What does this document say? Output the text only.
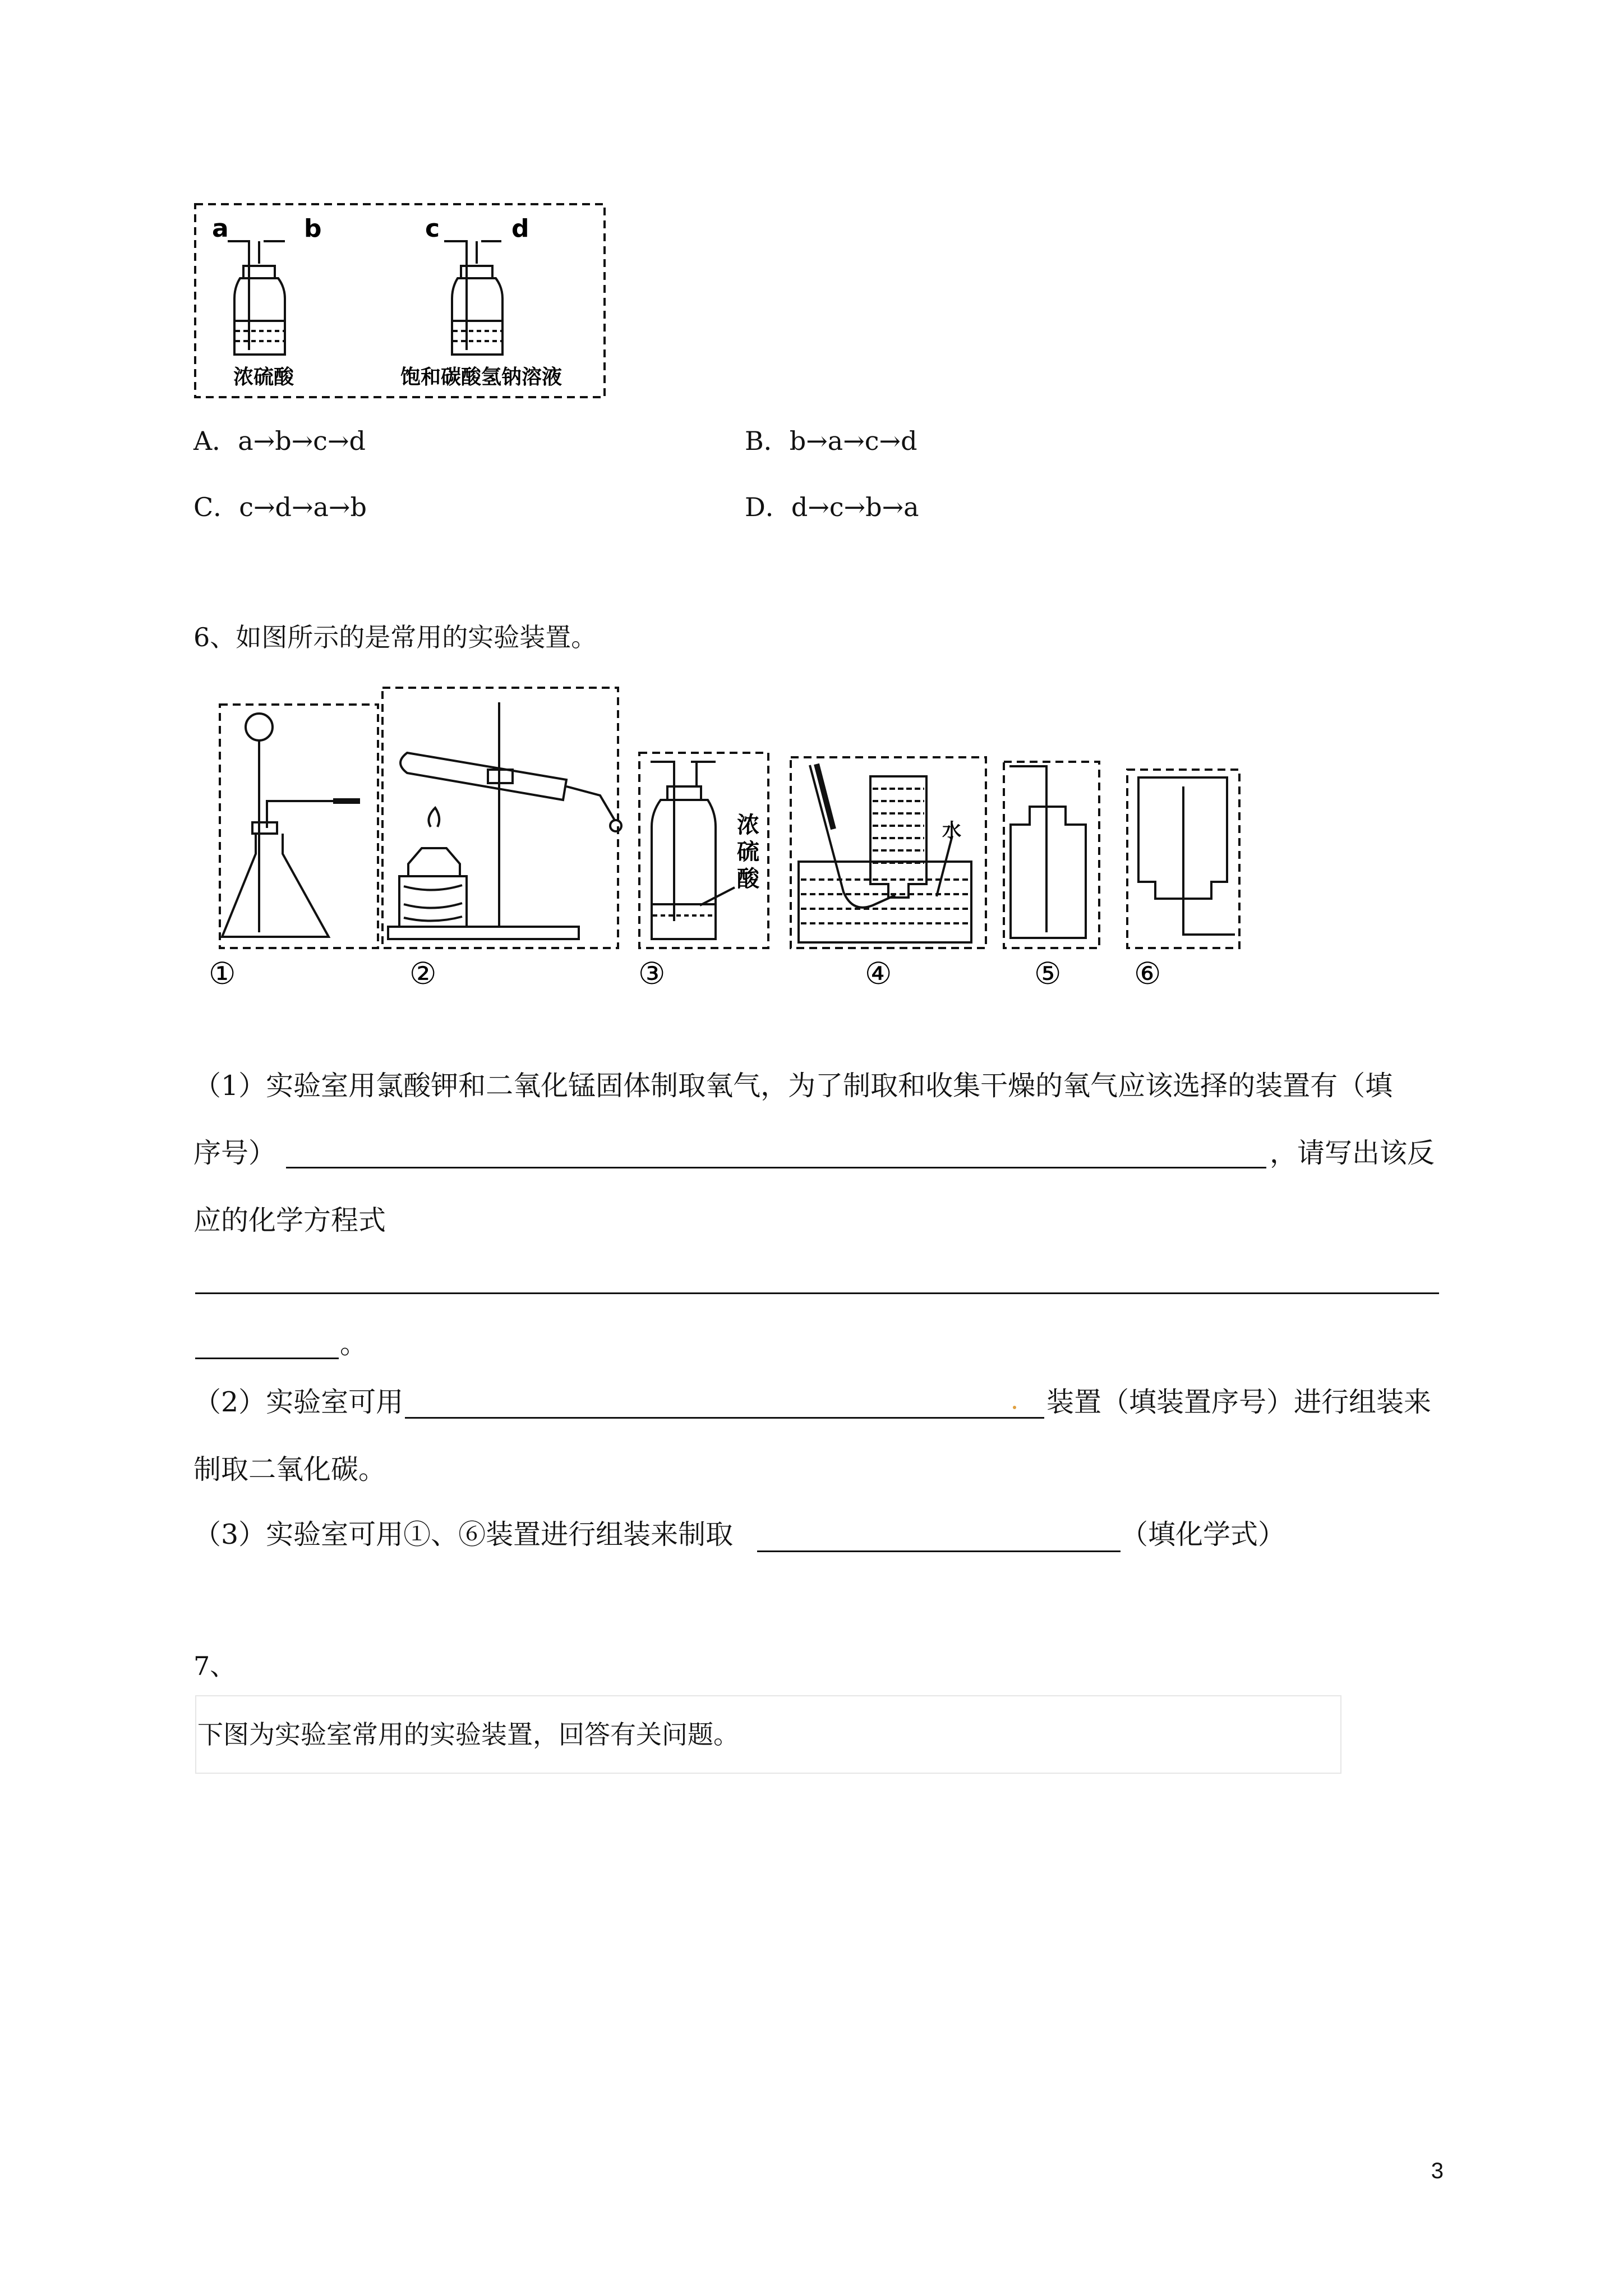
a	b
浓硫酸
c	d
饱和碳酸氢钠溶液
A．a→b→c→d	B．b→a→c→d
C．c→d→a→b	D．d→c→b→a
6、如图所示的是常用的实验装置。
浓
硫
酸
水
①	②	③	④	⑤ ⑥
（1）实验室用氯酸钾和二氧化锰固体制取氧气，为了制取和收集干燥的氧气应该选择的装置有（填
序号）	，请写出该反
应的化学方程式
。
（2）实验室可用	装置（填装置序号）进行组装来
制取二氧化碳。
（3）实验室可用①、⑥装置进行组装来制取	（填化学式）
7、
下图为实验室常用的实验装置，回答有关问题。
3
